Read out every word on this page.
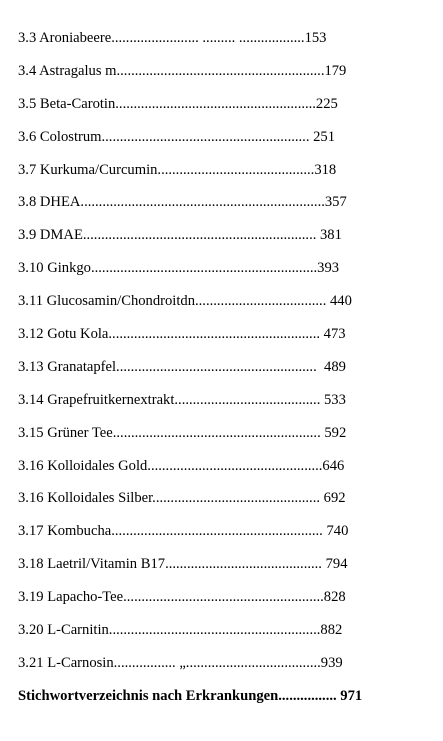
3.3 Aroniabeere........................ ......... ..................153
3.4 Astragalus m.........................................................179
3.5 Beta-Carotin.......................................................225
3.6 Colostrum......................................................... 251
3.7 Kurkuma/Curcumin...........................................318
3.8 DHEA...................................................................357
3.9 DMAE................................................................ 381
3.10 Ginkgo..............................................................393
3.11 Glucosamin/Chondroitdn.................................... 440
3.12 Gotu Kola.......................................................... 473
3.13 Granatapfel.......................................................  489
3.14 Grapefruitkernextrakt........................................ 533
3.15 Grüner Tee......................................................... 592
3.16 Kolloidales Gold................................................646
3.16 Kolloidales Silber.............................................. 692
3.17 Kombucha.......................................................... 740
3.18 Laetril/Vitamin B17........................................... 794
3.19 Lapacho-Tee.......................................................828
3.20 L-Carnitin..........................................................882
3.21 L-Carnosin................. „.....................................939
Stichwortverzeichnis nach Erkrankungen................ 971
